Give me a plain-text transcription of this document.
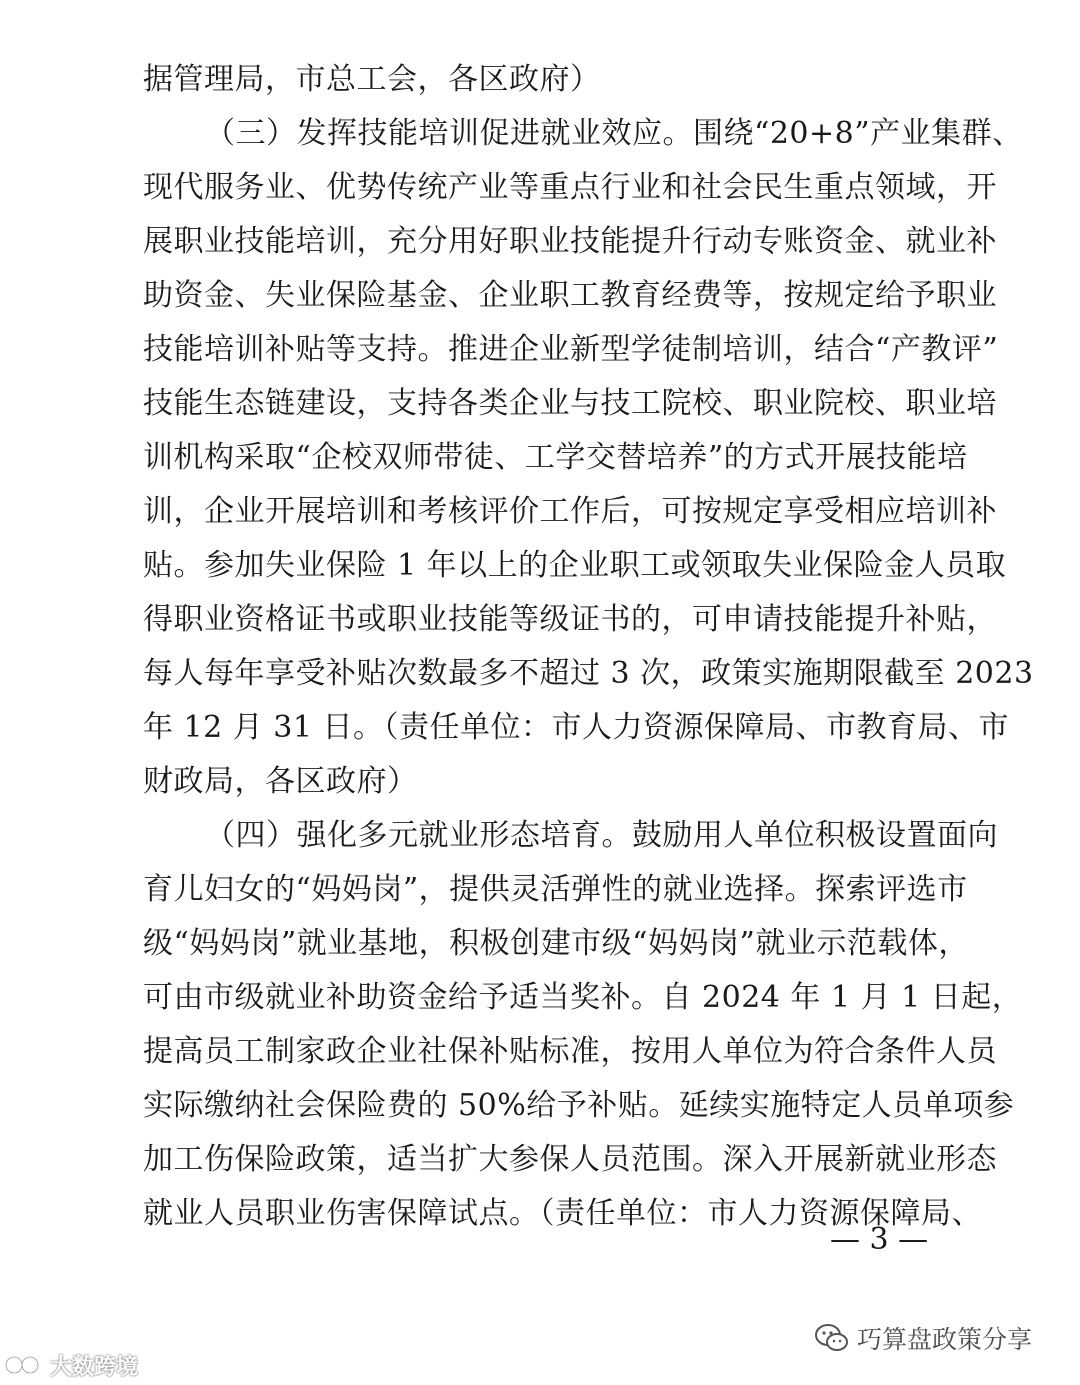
据管理局，市总工会，各区政府）
（三）发挥技能培训促进就业效应。围绕“20+8”产业集群、
现代服务业、优势传统产业等重点行业和社会民生重点领域，开
展职业技能培训，充分用好职业技能提升行动专账资金、就业补
助资金、失业保险基金、企业职工教育经费等，按规定给予职业
技能培训补贴等支持。推进企业新型学徒制培训，结合“产教评”
技能生态链建设，支持各类企业与技工院校、职业院校、职业培
训机构采取“企校双师带徒、工学交替培养”的方式开展技能培
训，企业开展培训和考核评价工作后，可按规定享受相应培训补
贴。参加失业保险 1 年以上的企业职工或领取失业保险金人员取
得职业资格证书或职业技能等级证书的，可申请技能提升补贴，
每人每年享受补贴次数最多不超过 3 次，政策实施期限截至 2023
年 12 月 31 日。（责任单位：市人力资源保障局、市教育局、市
财政局，各区政府）
（四）强化多元就业形态培育。鼓励用人单位积极设置面向
育儿妇女的“妈妈岗”，提供灵活弹性的就业选择。探索评选市
级“妈妈岗”就业基地，积极创建市级“妈妈岗”就业示范载体，
可由市级就业补助资金给予适当奖补。自 2024 年 1 月 1 日起，
提高员工制家政企业社保补贴标准，按用人单位为符合条件人员
实际缴纳社会保险费的 50%给予补贴。延续实施特定人员单项参
加工伤保险政策，适当扩大参保人员范围。深入开展新就业形态
就业人员职业伤害保障试点。（责任单位：市人力资源保障局、
— 3 —
巧算盘政策分享
大数跨境
